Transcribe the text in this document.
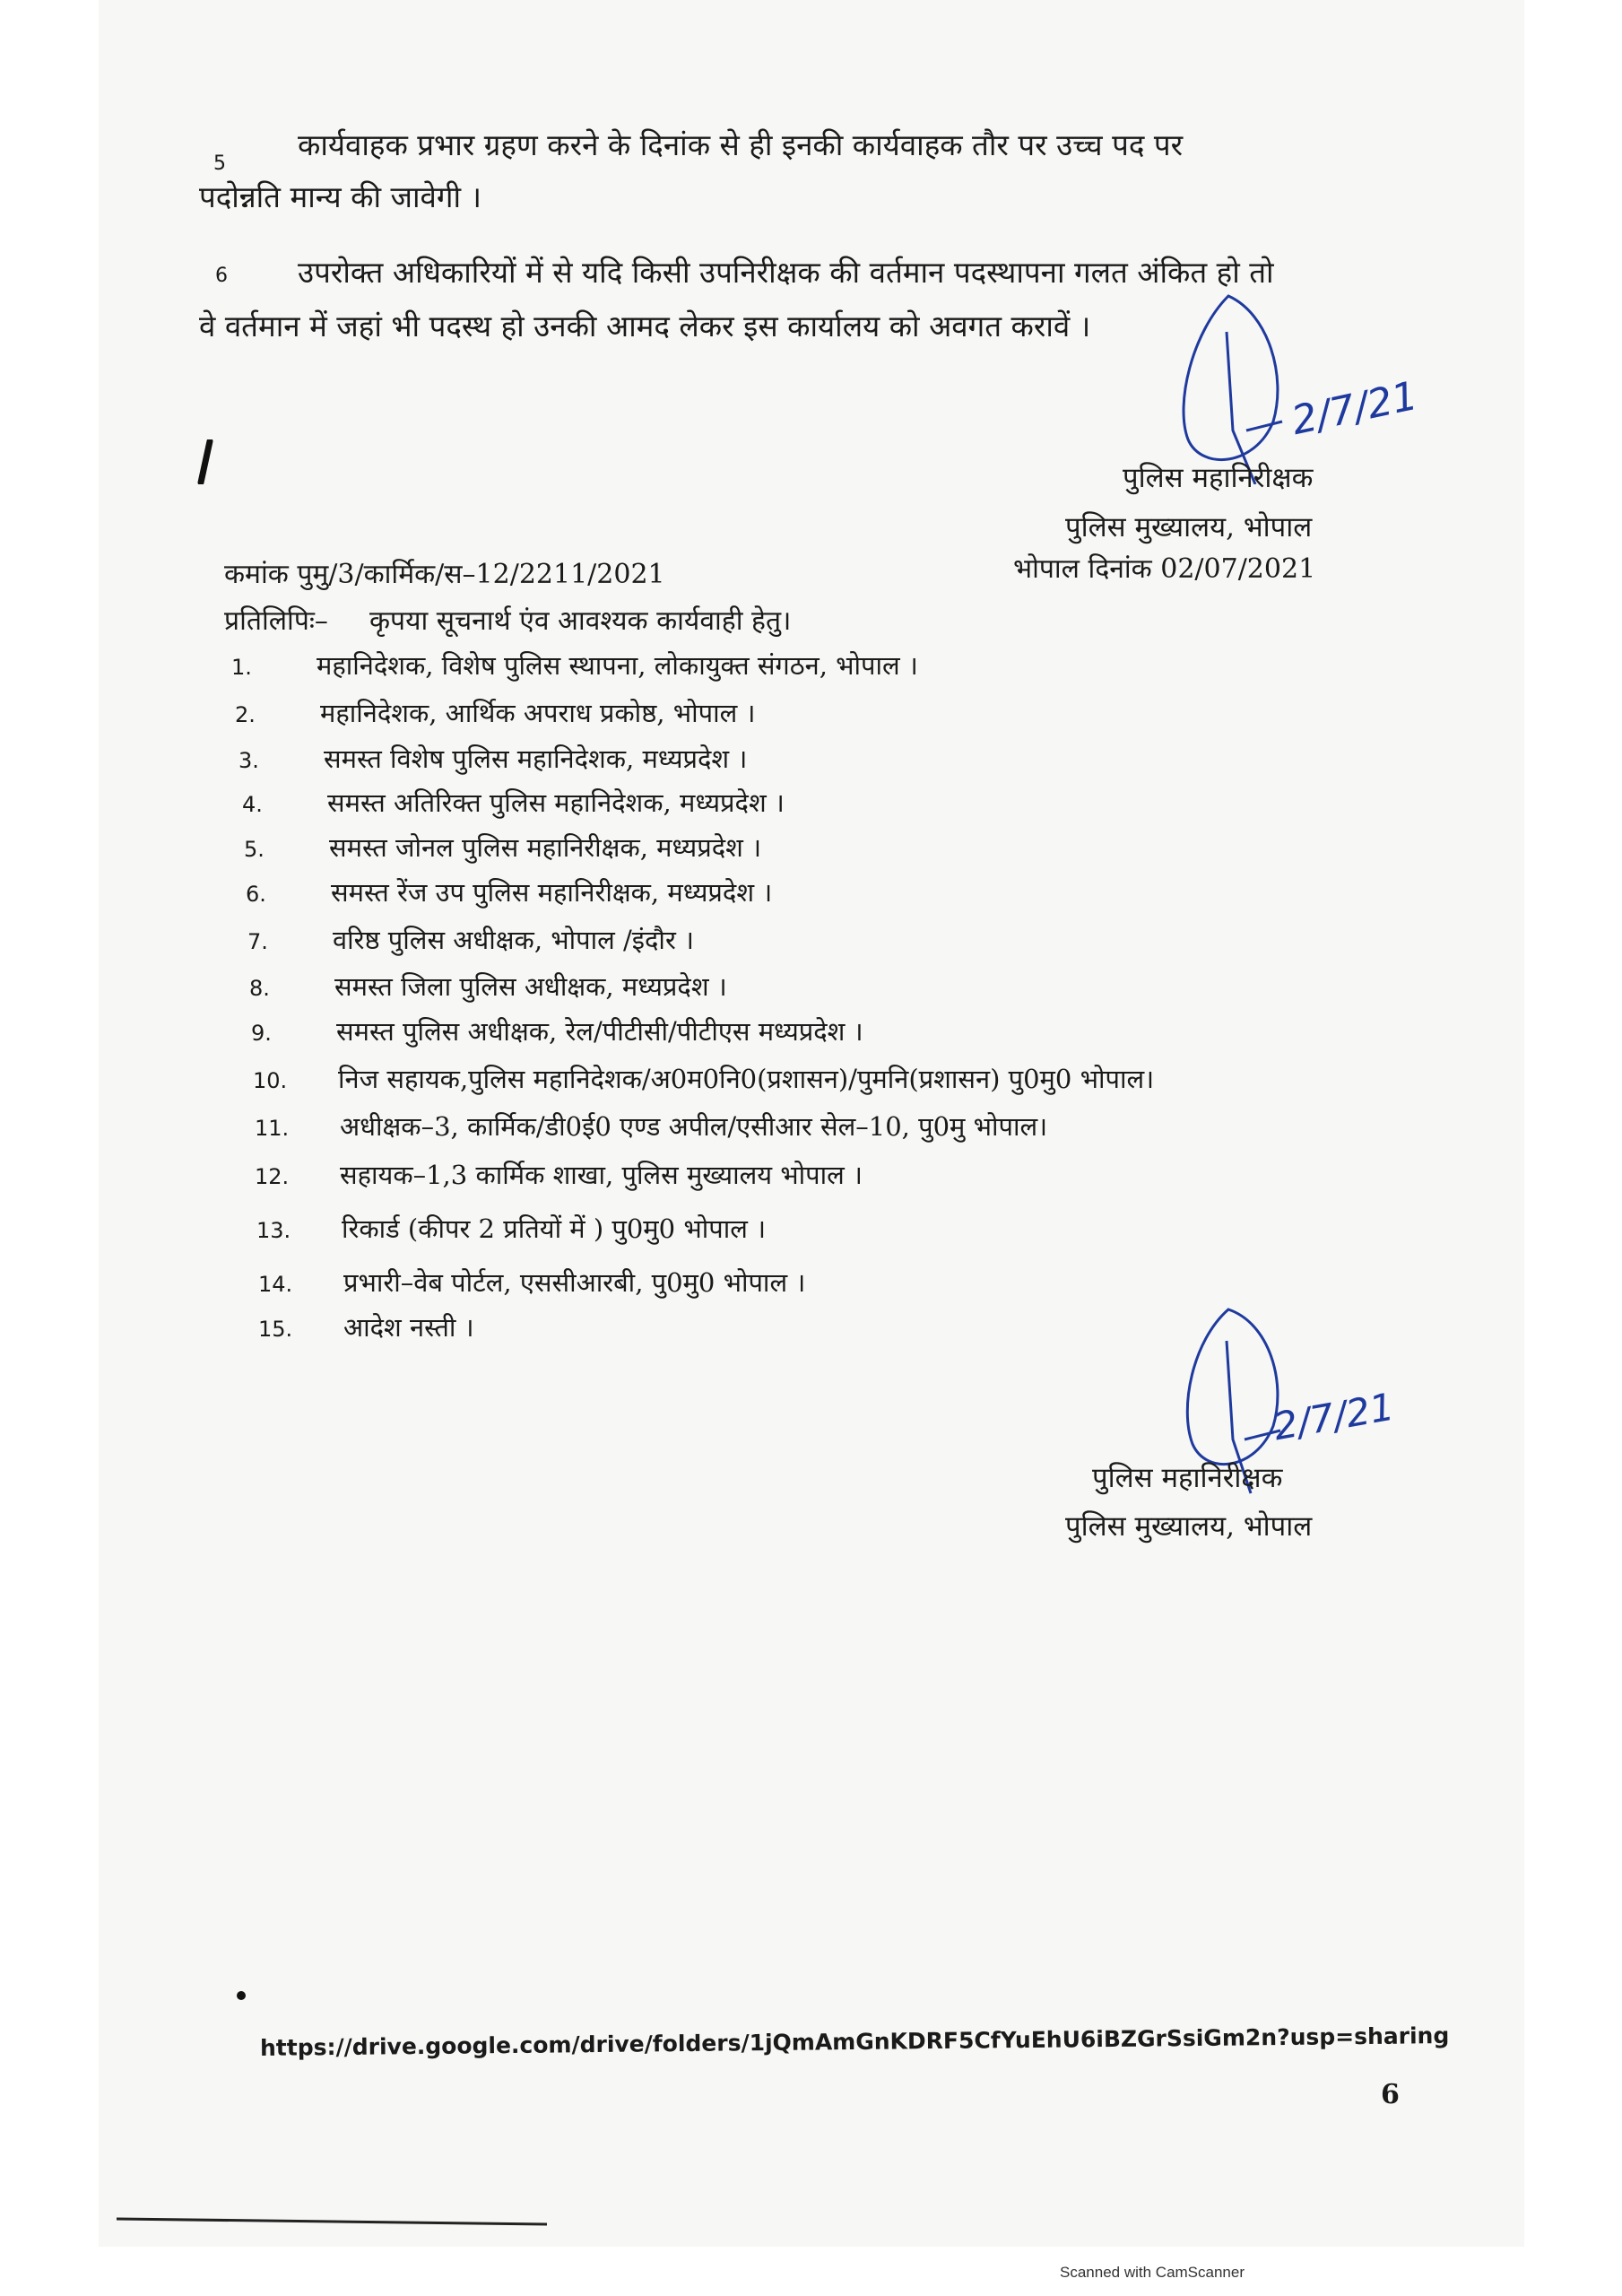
5
कार्यवाहक प्रभार ग्रहण करने के दिनांक से ही इनकी कार्यवाहक तौर पर उच्च पद पर
पदोन्नति मान्य की जावेगी ।
6 उपरोक्त अधिकारियों में से यदि किसी उपनिरीक्षक की वर्तमान पदस्थापना गलत अंकित हो तो
वे वर्तमान में जहां भी पदस्थ हो उनकी आमद लेकर इस कार्यालय को अवगत करावें ।
2/7/21
पुलिस महानिरीक्षक
पुलिस मुख्यालय, भोपाल
कमांक पुमु/3/कार्मिक/स–12/2211/2021	भोपाल दिनांक 02/07/2021
प्रतिलिपिः– कृपया सूचनार्थ एंव आवश्यक कार्यवाही हेतु।
1. महानिदेशक, विशेष पुलिस स्थापना, लोकायुक्त संगठन, भोपाल ।
2. महानिदेशक, आर्थिक अपराध प्रकोष्ठ, भोपाल ।
3. समस्त विशेष पुलिस महानिदेशक, मध्यप्रदेश ।
4. समस्त अतिरिक्त पुलिस महानिदेशक, मध्यप्रदेश ।
5. समस्त जोनल पुलिस महानिरीक्षक, मध्यप्रदेश ।
6. समस्त रेंज उप पुलिस महानिरीक्षक, मध्यप्रदेश ।
7. वरिष्ठ पुलिस अधीक्षक, भोपाल /इंदौर ।
8. समस्त जिला पुलिस अधीक्षक, मध्यप्रदेश ।
9. समस्त पुलिस अधीक्षक, रेल/पीटीसी/पीटीएस मध्यप्रदेश ।
10. निज सहायक,पुलिस महानिदेशक/अ0म0नि0(प्रशासन)/पुमनि(प्रशासन) पु0मु0 भोपाल।
11. अधीक्षक–3, कार्मिक/डी0ई0 एण्ड अपील/एसीआर सेल–10, पु0मु भोपाल।
12. सहायक–1,3 कार्मिक शाखा, पुलिस मुख्यालय भोपाल ।
13. रिकार्ड (कीपर 2 प्रतियों में ) पु0मु0 भोपाल ।
14. प्रभारी–वेब पोर्टल, एससीआरबी, पु0मु0 भोपाल ।
15. आदेश नस्ती ।
2/7/21
पुलिस महानिरीक्षक
पुलिस मुख्यालय, भोपाल
https://drive.google.com/drive/folders/1jQmAmGnKDRF5CfYuEhU6iBZGrSsiGm2n?usp=sharing
6
Scanned with CamScanner
